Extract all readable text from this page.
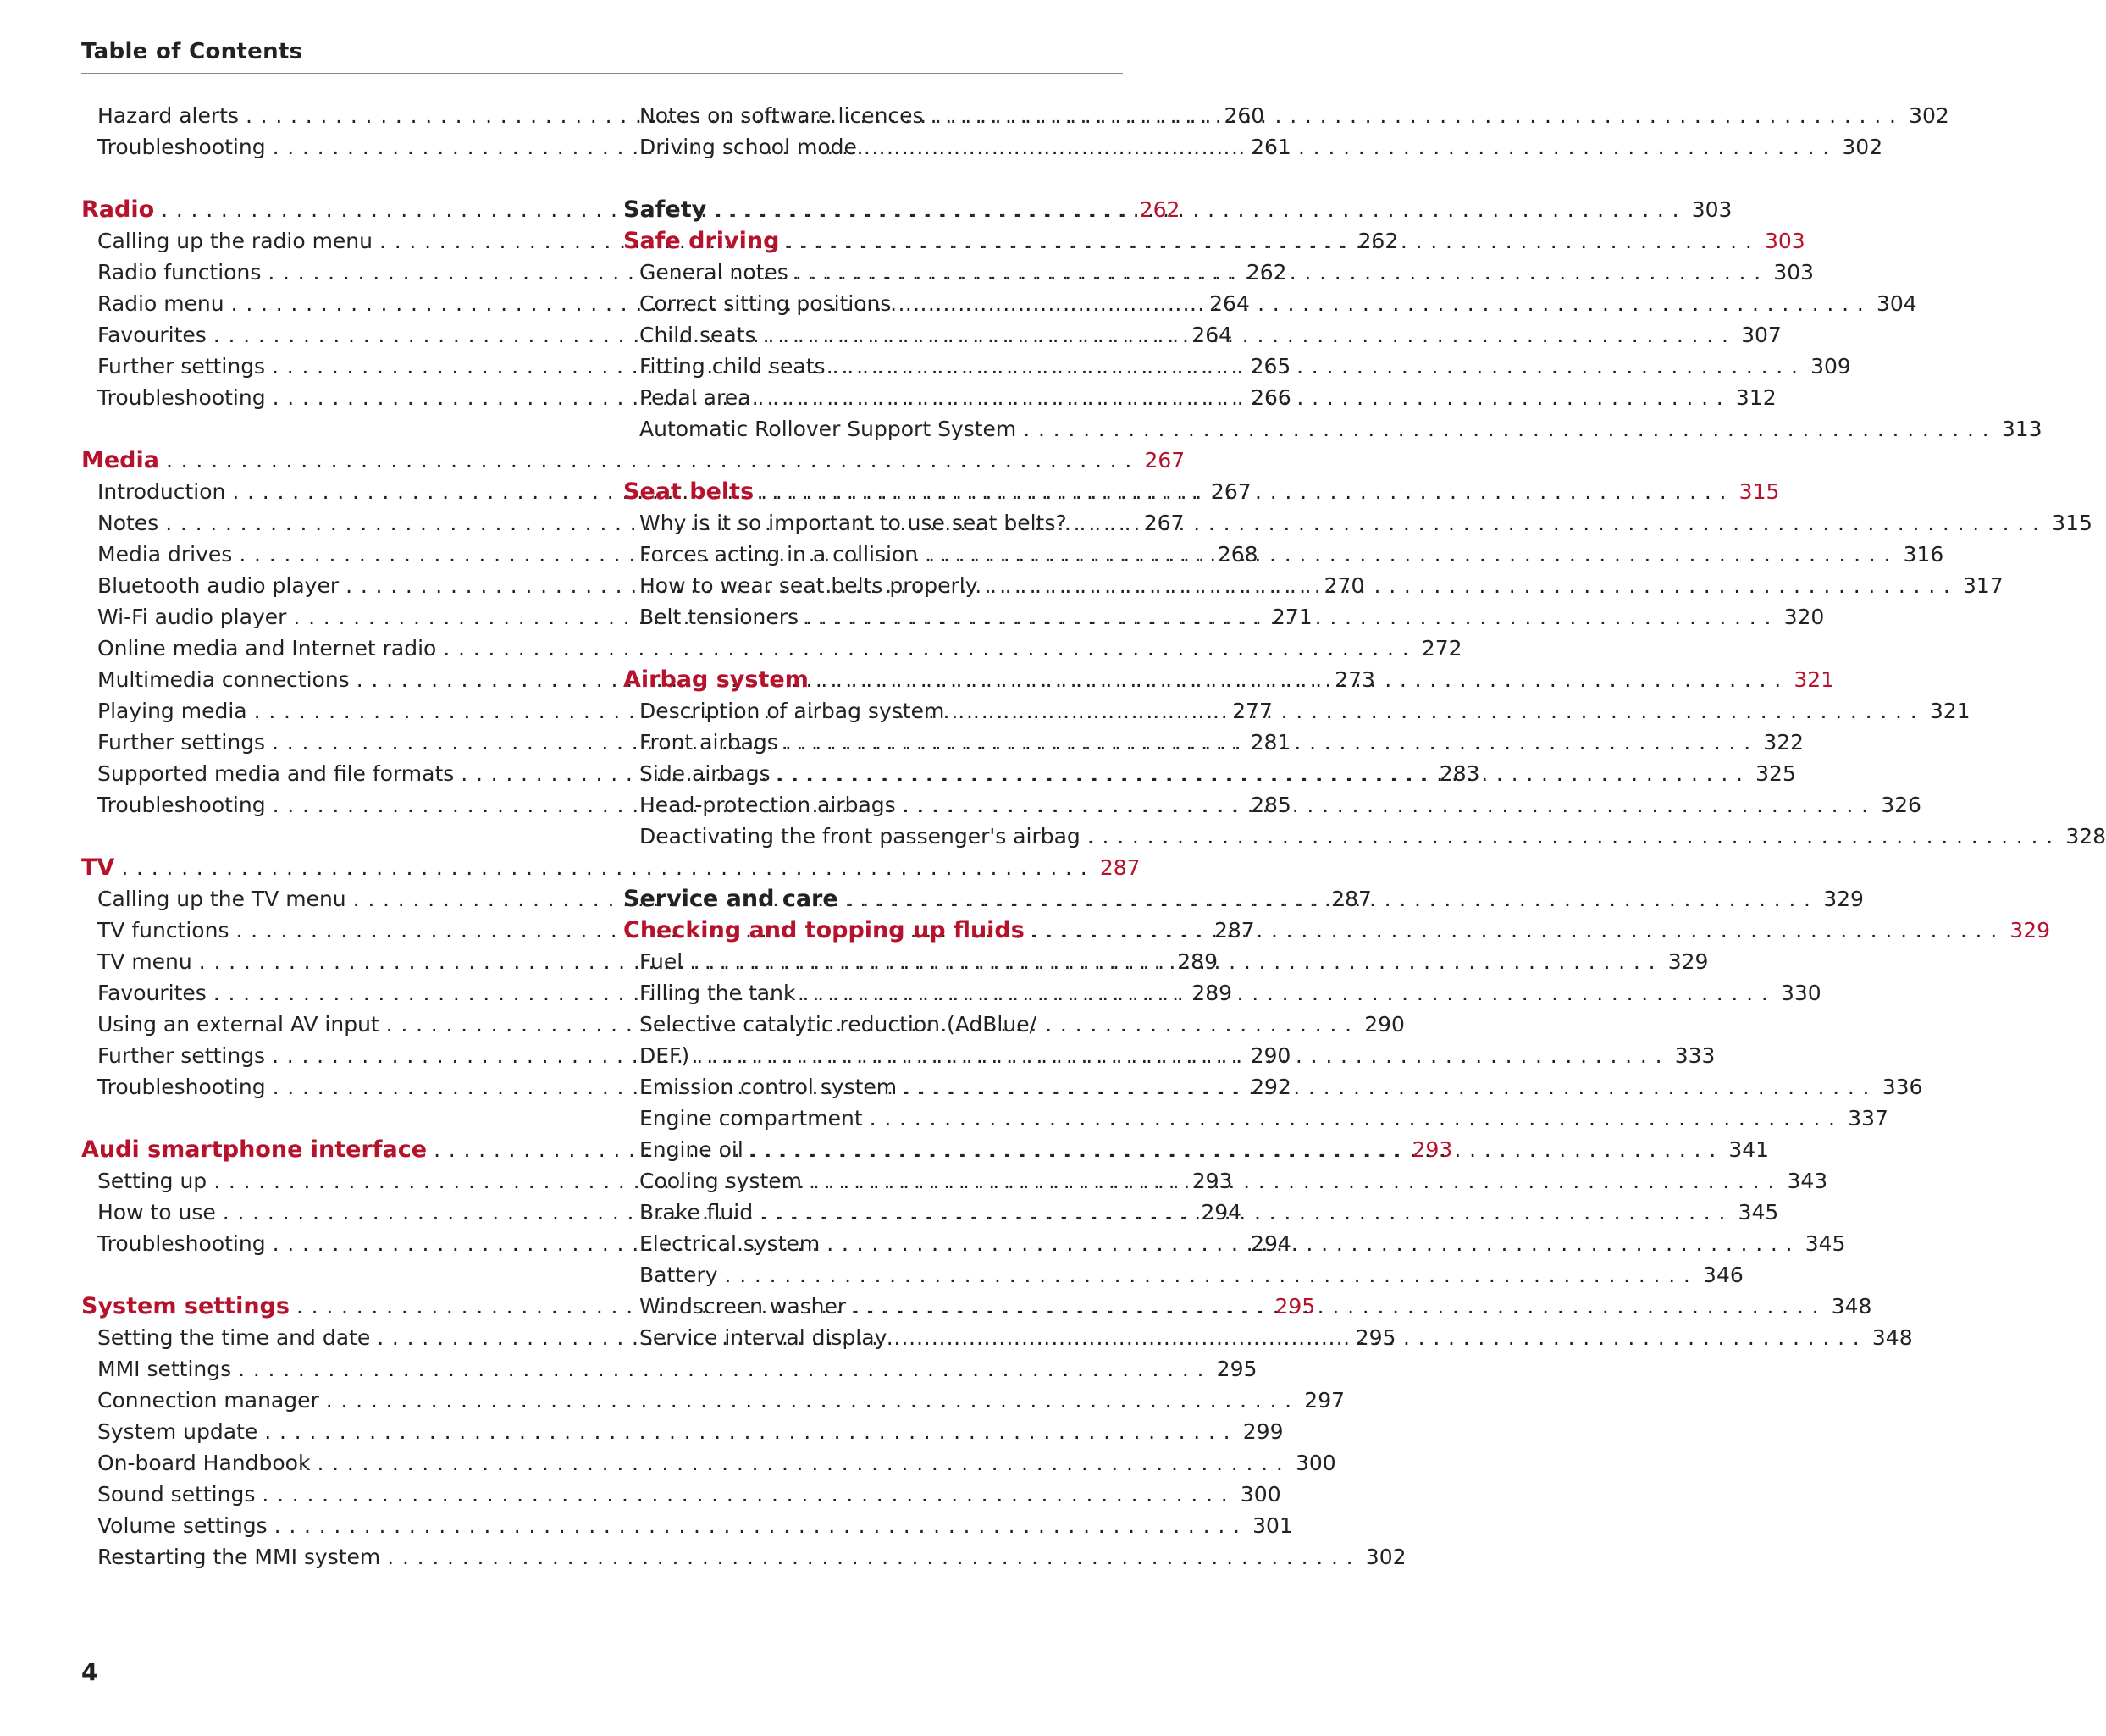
Table of Contents
Hazard alerts . . .	260
Troubleshooting . . .	261
Radio . . .	262
Calling up the radio menu . . .	262
Radio functions . . .	262
Radio menu . . .	264
Favourites . . .	264
Further settings . . .	265
Troubleshooting . . .	266
Media . . .	267
Introduction . . .	267
Notes . . .	267
Media drives . . .	268
Bluetooth audio player . . .	270
Wi-Fi audio player . . .	271
Online media and Internet radio . . .	272
Multimedia connections . . .	273
Playing media . . .	277
Further settings . . .	281
Supported media and file formats . . .	283
Troubleshooting . . .	285
TV . . .	287
Calling up the TV menu . . .	287
TV functions . . .	287
TV menu . . .	289
Favourites . . .	289
Using an external AV input . . .	290
Further settings . . .	290
Troubleshooting . . .	292
Audi smartphone interface . . .	293
Setting up . . .	293
How to use . . .	294
Troubleshooting . . .	294
System settings . . .	295
Setting the time and date . . .	295
MMI settings . . .	295
Connection manager . . .	297
System update . . .	299
On-board Handbook . . .	300
Sound settings . . .	300
Volume settings . . .	301
Restarting the MMI system . . .	302
Notes on software licences . . .	302
Driving school mode . . .	302
Safety . . .	303
Safe driving . . .	303
General notes . . .	303
Correct sitting positions . . .	304
Child seats . . .	307
Fitting child seats . . .	309
Pedal area . . .	312
Automatic Rollover Support System . . .	313
Seat belts . . .	315
Why is it so important to use seat belts? . . .	315
Forces acting in a collision . . .	316
How to wear seat belts properly . . .	317
Belt tensioners . . .	320
Airbag system . . .	321
Description of airbag system . . .	321
Front airbags . . .	322
Side airbags . . .	325
Head-protection airbags . . .	326
Deactivating the front passenger's airbag . . .	328
Service and care . . .	329
Checking and topping up fluids . . .	329
Fuel . . .	329
Filling the tank . . .	330
Selective catalytic reduction (AdBlue/
DEF) . . .	333
Emission control system . . .	336
Engine compartment . . .	337
Engine oil . . .	341
Cooling system . . .	343
Brake fluid . . .	345
Electrical system . . .	345
Battery . . .	346
Windscreen washer . . .	348
Service interval display . . .	348
4
